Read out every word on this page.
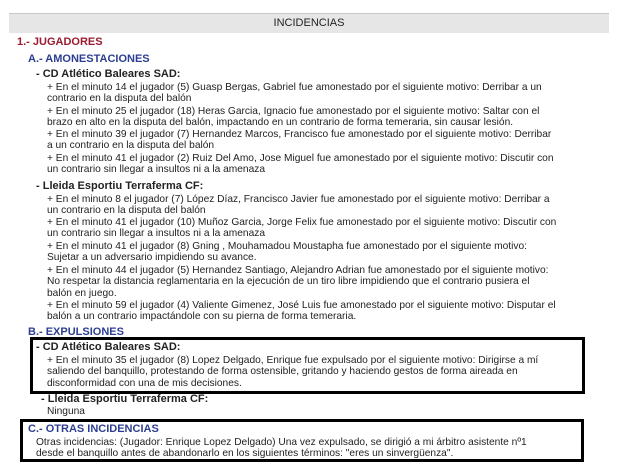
INCIDENCIAS
1.- JUGADORES
A.- AMONESTACIONES
- CD Atlético Baleares SAD:
+ En el minuto 14 el jugador (5) Guasp Bergas, Gabriel fue amonestado por el siguiente motivo: Derribar a un
contrario en la disputa del balón
+ En el minuto 25 el jugador (18) Heras Garcia, Ignacio fue amonestado por el siguiente motivo: Saltar con el
brazo en alto en la disputa del balón, impactando en un contrario de forma temeraria, sin causar lesión.
+ En el minuto 39 el jugador (7) Hernandez Marcos, Francisco fue amonestado por el siguiente motivo: Derribar
a un contrario en la disputa del balón
+ En el minuto 41 el jugador (2) Ruiz Del Amo, Jose Miguel fue amonestado por el siguiente motivo: Discutir con
un contrario sin llegar a insultos ni a la amenaza
- Lleida Esportiu Terraferma CF:
+ En el minuto 8 el jugador (7) López Díaz, Francisco Javier fue amonestado por el siguiente motivo: Derribar a
un contrario en la disputa del balón
+ En el minuto 41 el jugador (10) Muñoz Garcia, Jorge Felix fue amonestado por el siguiente motivo: Discutir con
un contrario sin llegar a insultos ni a la amenaza
+ En el minuto 41 el jugador (8) Gning , Mouhamadou Moustapha fue amonestado por el siguiente motivo:
Sujetar a un adversario impidiendo su avance.
+ En el minuto 44 el jugador (5) Hernandez Santiago, Alejandro Adrian fue amonestado por el siguiente motivo:
No respetar la distancia reglamentaria en la ejecución de un tiro libre impidiendo que el contrario pusiera el
balón en juego.
+ En el minuto 59 el jugador (4) Valiente Gimenez, José Luis fue amonestado por el siguiente motivo: Disputar el
balón a un contrario impactándole con su pierna de forma temeraria.
B.- EXPULSIONES
- CD Atlético Baleares SAD:
+ En el minuto 35 el jugador (8) Lopez Delgado, Enrique fue expulsado por el siguiente motivo: Dirigirse a mí
saliendo del banquillo, protestando de forma ostensible, gritando y haciendo gestos de forma aireada en
disconformidad con una de mis decisiones.
- Lleida Esportiu Terraferma CF:
Ninguna
C.- OTRAS INCIDENCIAS
Otras incidencias: (Jugador: Enrique Lopez Delgado) Una vez expulsado, se dirigió a mi árbitro asistente nº1
desde el banquillo antes de abandonarlo en los siguientes términos: "eres un sinvergüenza".
